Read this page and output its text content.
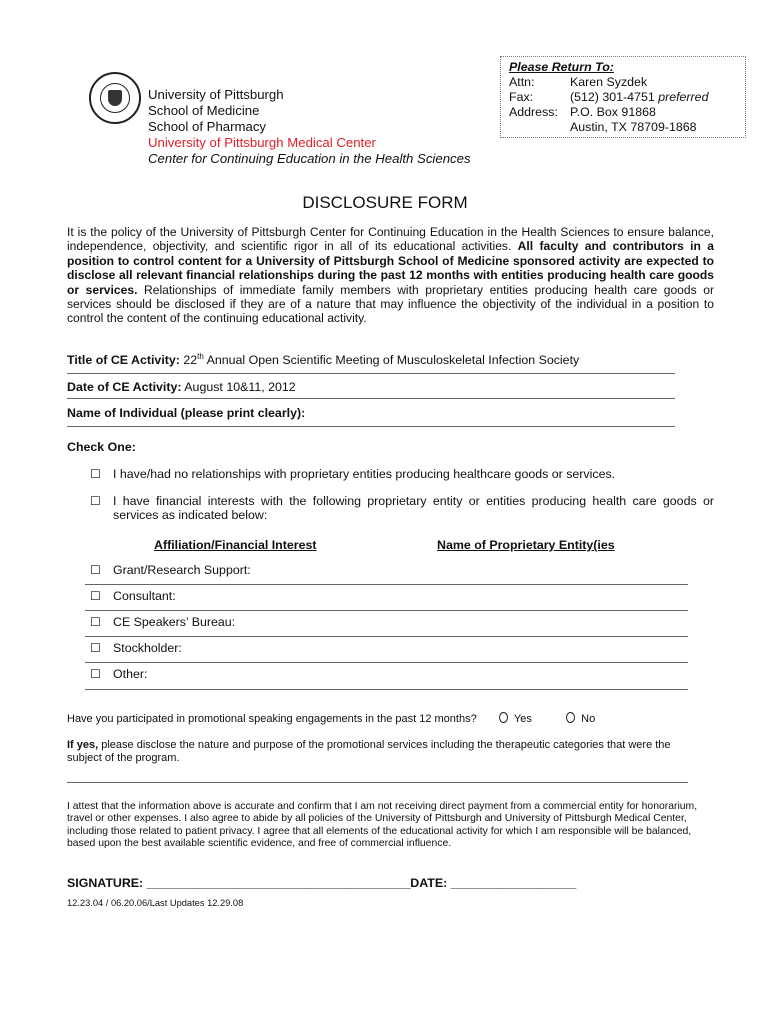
University of Pittsburgh
School of Medicine
School of Pharmacy
University of Pittsburgh Medical Center
Center for Continuing Education in the Health Sciences
Please Return To:
Attn:	Karen Syzdek
Fax:	(512) 301-4751 preferred
Address: P.O. Box 91868
Austin, TX 78709-1868
DISCLOSURE FORM
It is the policy of the University of Pittsburgh Center for Continuing Education in the Health Sciences to ensure balance, independence, objectivity, and scientific rigor in all of its educational activities. All faculty and contributors in a position to control content for a University of Pittsburgh School of Medicine sponsored activity are expected to disclose all relevant financial relationships during the past 12 months with entities producing health care goods or services. Relationships of immediate family members with proprietary entities producing health care goods or services should be disclosed if they are of a nature that may influence the objectivity of the individual in a position to control the content of the continuing educational activity.
Title of CE Activity: 22th Annual Open Scientific Meeting of Musculoskeletal Infection Society
Date of CE Activity: August 10&11, 2012
Name of Individual (please print clearly):
Check One:
☐ I have/had no relationships with proprietary entities producing healthcare goods or services.
☐ I have financial interests with the following proprietary entity or entities producing health care goods or services as indicated below:
Affiliation/Financial Interest	Name of Proprietary Entity(ies
☐ Grant/Research Support:
☐ Consultant:
☐ CE Speakers’ Bureau:
☐ Stockholder:
☐ Other:
Have you participated in promotional speaking engagements in the past 12 months?	Yes	No
If yes, please disclose the nature and purpose of the promotional services including the therapeutic categories that were the subject of the program.
I attest that the information above is accurate and confirm that I am not receiving direct payment from a commercial entity for honorarium, travel or other expenses. I also agree to abide by all policies of the University of Pittsburgh and University of Pittsburgh Medical Center, including those related to patient privacy. I agree that all elements of the educational activity for which I am responsible will be balanced, based upon the best available scientific evidence, and free of commercial influence.
SIGNATURE: ________________________________________DATE: ___________________
12.23.04 / 06.20.06/Last Updates 12.29.08
